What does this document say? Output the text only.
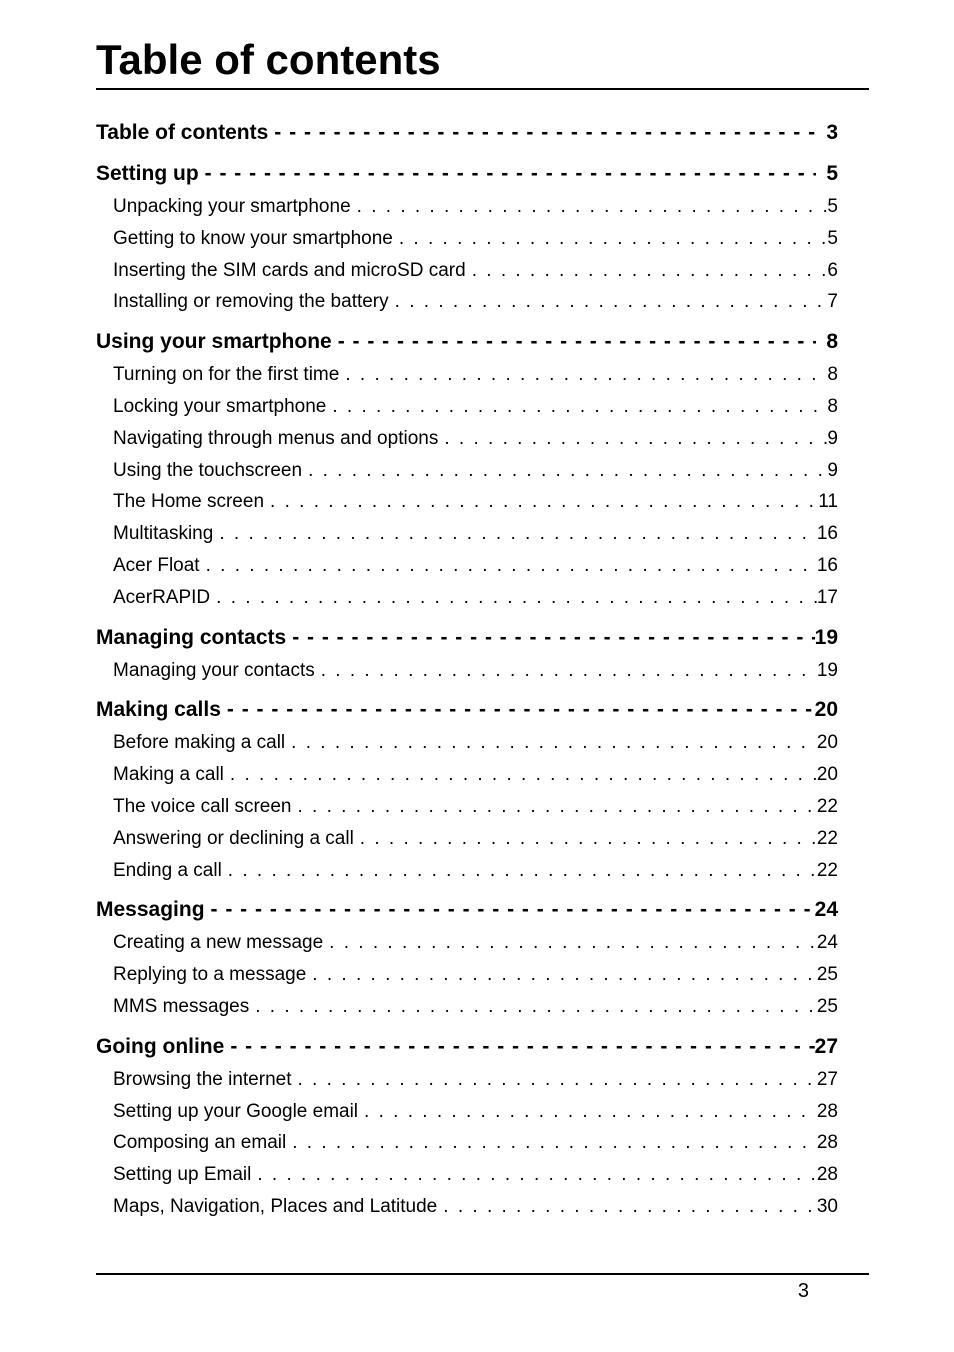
Table of contents
Table of contents - - -	3
Setting up - - -	5
Unpacking your smartphone . . .	5
Getting to know your smartphone . . .	5
Inserting the SIM cards and microSD card . . .	6
Installing or removing the battery . . .	7
Using your smartphone - - -	8
Turning on for the first time . . .	8
Locking your smartphone . . .	8
Navigating through menus and options . . .	9
Using the touchscreen . . .	9
The Home screen . . .	11
Multitasking . . .	16
Acer Float . . .	16
AcerRAPID . . .	17
Managing contacts - - -	19
Managing your contacts . . .	19
Making calls - - -	20
Before making a call . . .	20
Making a call . . .	20
The voice call screen . . .	22
Answering or declining a call . . .	22
Ending a call . . .	22
Messaging - - -	24
Creating a new message . . .	24
Replying to a message . . .	25
MMS messages . . .	25
Going online - - -	27
Browsing the internet . . .	27
Setting up your Google email . . .	28
Composing an email . . .	28
Setting up Email . . .	28
Maps, Navigation, Places and Latitude . . .	30
3
